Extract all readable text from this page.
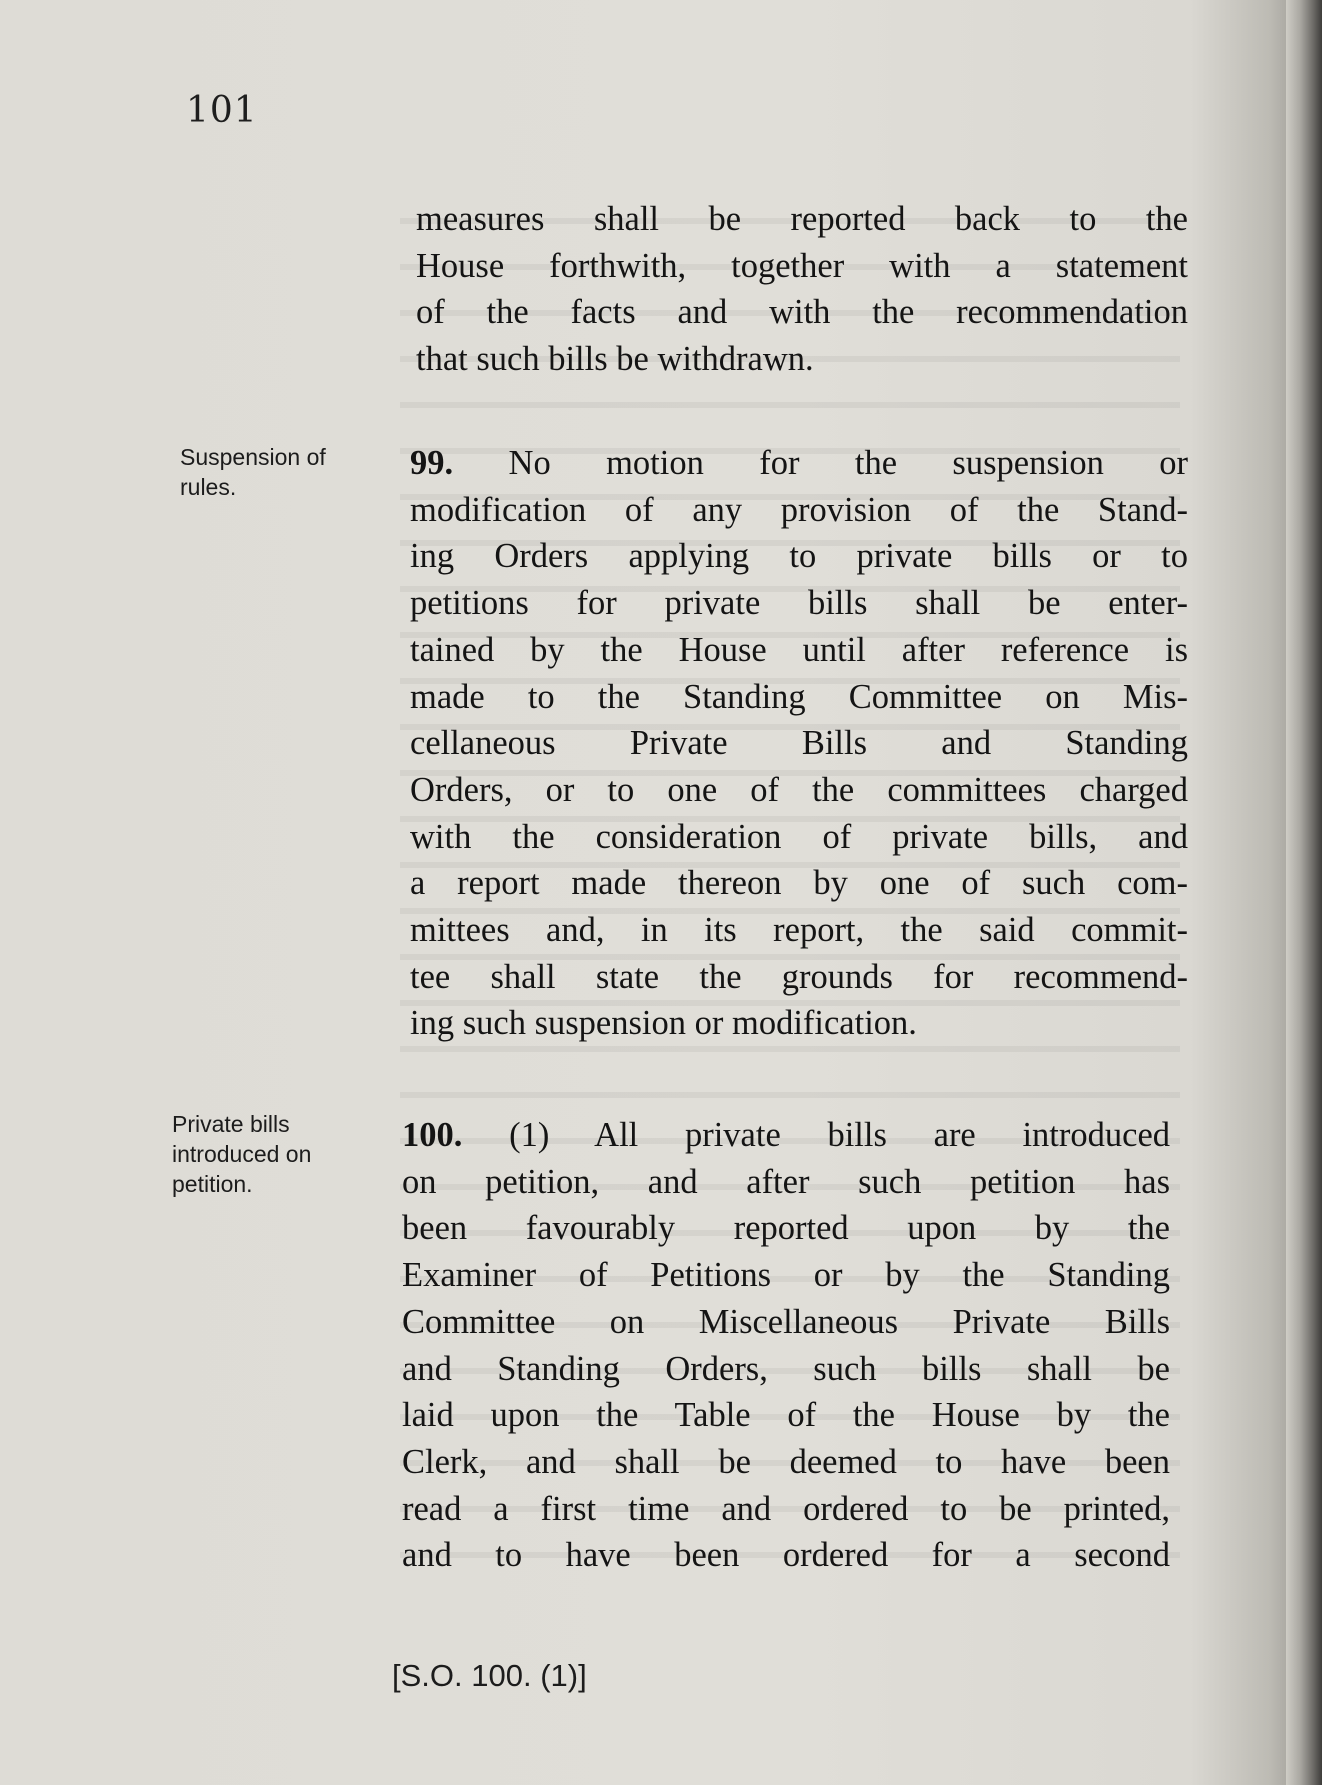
101
Suspension of
rules.
Private bills
introduced on
petition.
measures shall be reported back to the
House forthwith, together with a statement
of the facts and with the recommendation
that such bills be withdrawn.
99. No motion for the suspension or
modification of any provision of the Stand-
ing Orders applying to private bills or to
petitions for private bills shall be enter-
tained by the House until after reference is
made to the Standing Committee on Mis-
cellaneous Private Bills and Standing
Orders, or to one of the committees charged
with the consideration of private bills, and
a report made thereon by one of such com-
mittees and, in its report, the said commit-
tee shall state the grounds for recommend-
ing such suspension or modification.
100. (1) All private bills are introduced
on petition, and after such petition has
been favourably reported upon by the
Examiner of Petitions or by the Standing
Committee on Miscellaneous Private Bills
and Standing Orders, such bills shall be
laid upon the Table of the House by the
Clerk, and shall be deemed to have been
read a first time and ordered to be printed,
and to have been ordered for a second
[S.O. 100. (1)]
